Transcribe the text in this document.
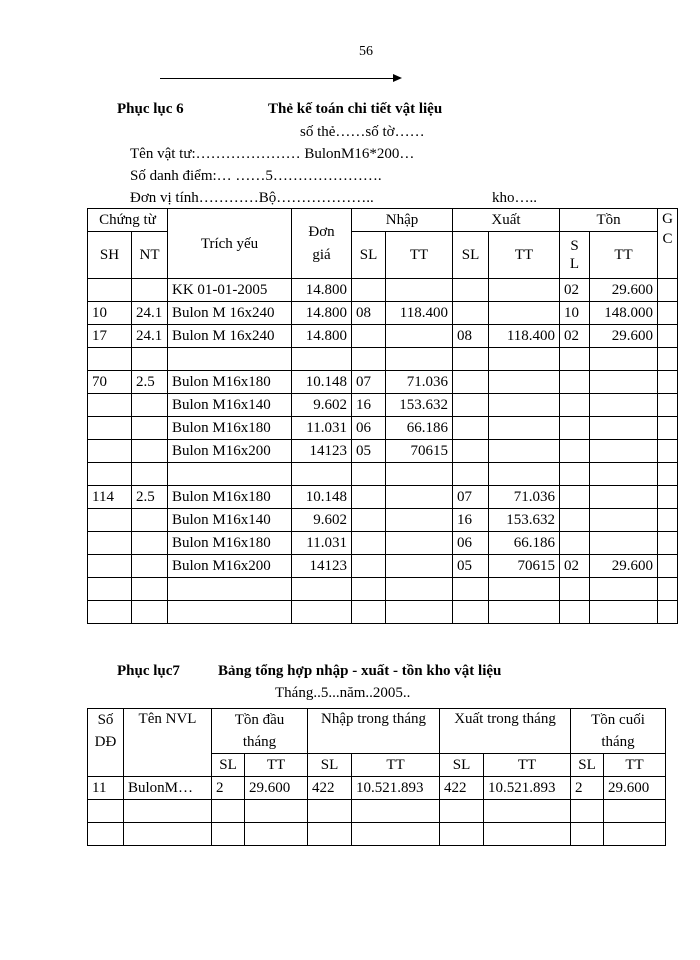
56
Phục lục 6	Thẻ kế toán chi tiết vật liệu
số thẻ……số tờ……
Tên vật tư:………………… BulonM16*200…
Số danh điểm:… ……5………………….
Đơn vị tính…………Bộ………………..	kho…..
Chứng từ		Trích yếu	Đơn giá	Nhập		Xuất		Tồn		G C
SH	NT			SL	TT	SL	TT	S L	TT	
		KK 01-01-2005	14.800					02	29.600	
10	24.1	Bulon M 16x240	14.800	08	118.400			10	148.000	
17	24.1	Bulon M 16x240	14.800			08	118.400	02	29.600	

70	2.5	Bulon M16x180	10.148	07	71.036					
		Bulon M16x140	9.602	16	153.632					
		Bulon M16x180	11.031	06	66.186					
		Bulon M16x200	14123	05	70615					

114	2.5	Bulon M16x180	10.148			07	71.036			
		Bulon M16x140	9.602			16	153.632			
		Bulon M16x180	11.031			06	66.186			
		Bulon M16x200	14123			05	70615	02	29.600	

Phục lục7	Bảng tổng hợp nhập - xuất - tồn kho vật liệu
Tháng..5...năm..2005..
Số DĐ	Tên NVL	Tồn đầu tháng		Nhập trong tháng		Xuất trong tháng		Tồn cuối tháng	
		SL	TT	SL	TT	SL	TT	SL	TT
11	BulonM…	2	29.600	422	10.521.893	422	10.521.893	2	29.600
